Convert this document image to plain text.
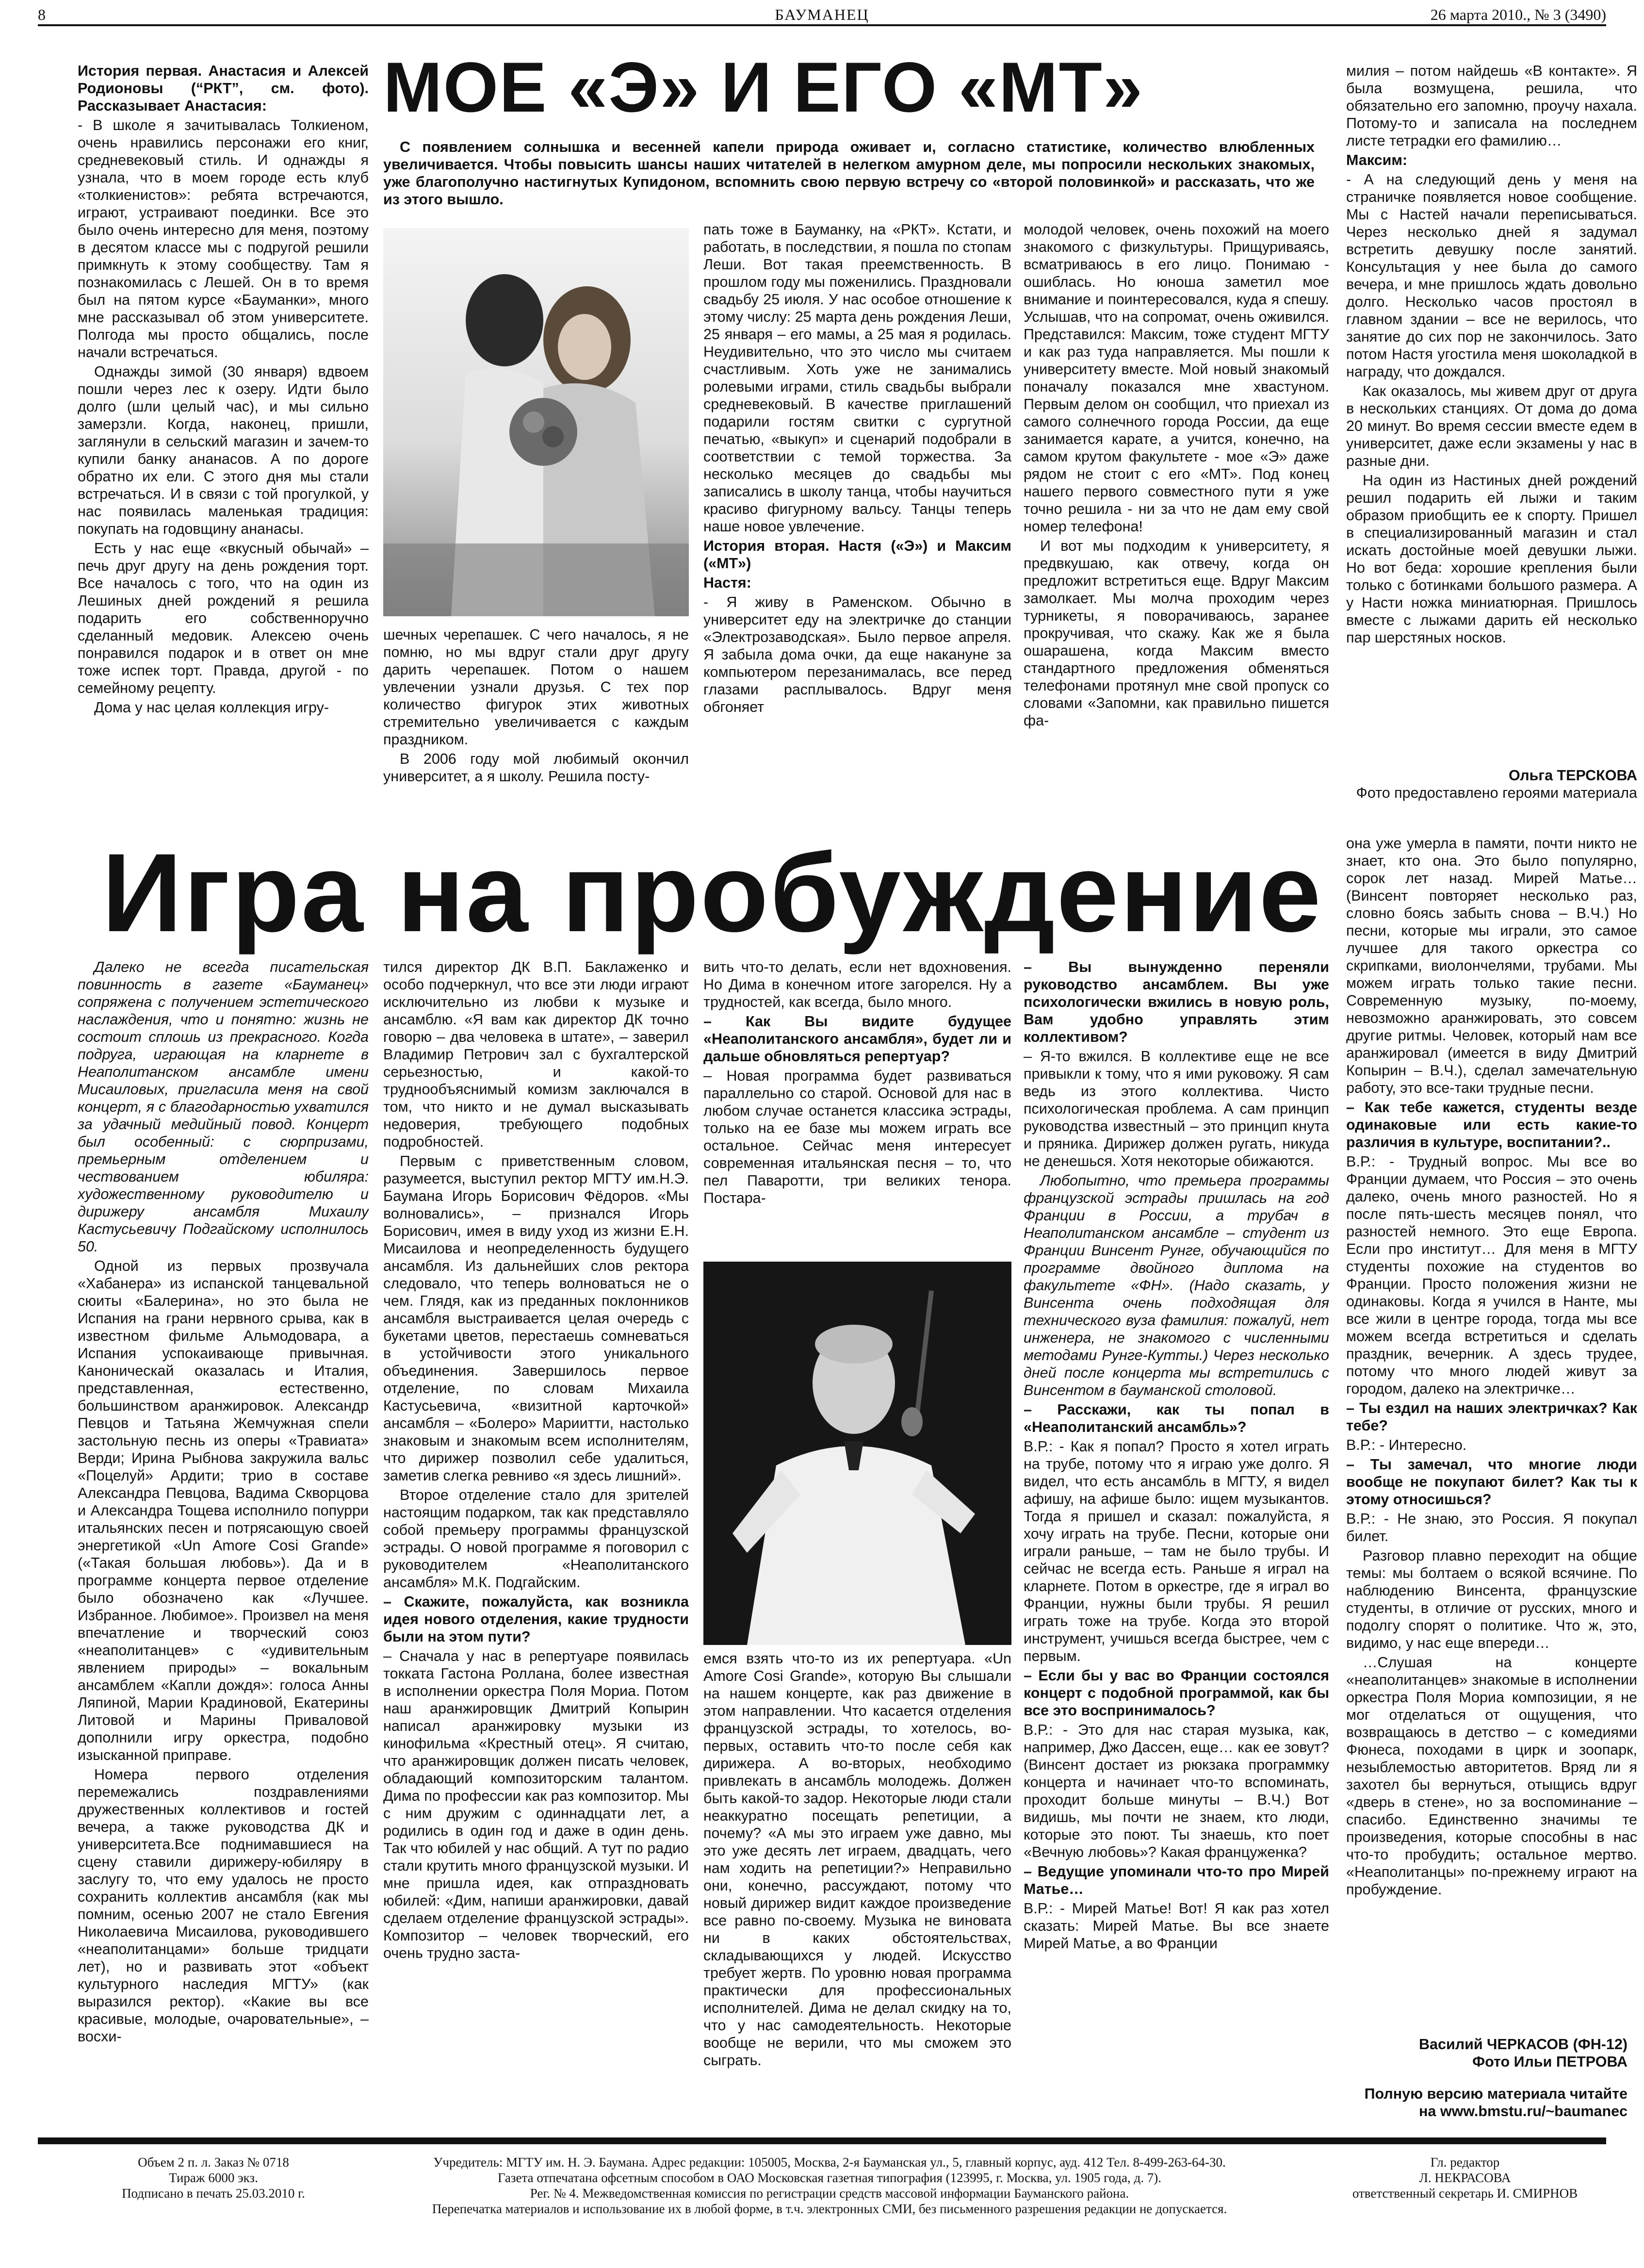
8	БАУМАНЕЦ	26 марта 2010., № 3 (3490)
МОЕ «Э» И ЕГО «МТ»
С появлением солнышка и весенней капели природа оживает и, согласно статистике, количество влюбленных увеличивается. Чтобы повысить шансы наших читателей в нелегком амурном деле, мы попросили нескольких знакомых, уже благополучно настигнутых Купидоном, вспомнить свою первую встречу со «второй половинкой» и рассказать, что же из этого вышло.

История первая. Анастасия и Алексей Родионовы (“РКТ”, см. фото). Рассказывает Анастасия:

- В школе я зачитывалась Толкиеном, очень нравились персонажи его книг, средневековый стиль. И однажды я узнала, что в моем городе есть клуб «толкиенистов»: ребята встречаются, играют, устраивают поединки. Все это было очень интересно для меня, поэтому в десятом классе мы с подругой решили примкнуть к этому сообществу. Там я познакомилась с Лешей. Он в то время был на пятом курсе «Бауманки», много мне рассказывал об этом университете. Полгода мы просто общались, после начали встречаться.

Однажды зимой (30 января) вдвоем пошли через лес к озеру. Идти было долго (шли целый час), и мы сильно замерзли. Когда, наконец, пришли, заглянули в сельский магазин и зачем-то купили банку ананасов. А по дороге обратно их ели. С этого дня мы стали встречаться. И в связи с той прогулкой, у нас появилась маленькая традиция: покупать на годовщину ананасы.

Есть у нас еще «вкусный обычай» – печь друг другу на день рождения торт. Все началось с того, что на один из Лешиных дней рождений я решила подарить его собственноручно сделанный медовик. Алексею очень понравился подарок и в ответ он мне тоже испек торт. Правда, другой - по семейному рецепту.

Дома у нас целая коллекция игру-

шечных черепашек. С чего началось, я не помню, но мы вдруг стали друг другу дарить черепашек. Потом о нашем увлечении узнали друзья. С тех пор количество фигурок этих животных стремительно увеличивается с каждым праздником.

В 2006 году мой любимый окончил университет, а я школу. Решила посту-

пать тоже в Бауманку, на «РКТ». Кстати, и работать, в последствии, я пошла по стопам Леши. Вот такая преемственность. В прошлом году мы поженились. Праздновали свадьбу 25 июля. У нас особое отношение к этому числу: 25 марта день рождения Леши, 25 января – его мамы, а 25 мая я родилась. Неудивительно, что это число мы считаем счастливым. Хоть уже не занимались ролевыми играми, стиль свадьбы выбрали средневековый. В качестве приглашений подарили гостям свитки с сургутной печатью, «выкуп» и сценарий подобрали в соответствии с темой торжества. За несколько месяцев до свадьбы мы записались в школу танца, чтобы научиться красиво фигурному вальсу. Танцы теперь наше новое увлечение.

История вторая. Настя («Э») и Максим («МТ»)

Настя:

- Я живу в Раменском. Обычно в университет еду на электричке до станции «Электрозаводская». Было первое апреля. Я забыла дома очки, да еще накануне за компьютером перезанималась, все перед глазами расплывалось. Вдруг меня обгоняет

молодой человек, очень похожий на моего знакомого с физкультуры. Прищуриваясь, всматриваюсь в его лицо. Понимаю - ошиблась. Но юноша заметил мое внимание и поинтересовался, куда я спешу. Услышав, что на сопромат, очень оживился. Представился: Максим, тоже студент МГТУ и как раз туда направляется. Мы пошли к университету вместе. Мой новый знакомый поначалу показался мне хвастуном. Первым делом он сообщил, что приехал из самого солнечного города России, да еще занимается карате, а учится, конечно, на самом крутом факультете - мое «Э» даже рядом не стоит с его «МТ». Под конец нашего первого совместного пути я уже точно решила - ни за что не дам ему свой номер телефона!

И вот мы подходим к университету, я предвкушаю, как отвечу, когда он предложит встретиться еще. Вдруг Максим замолкает. Мы молча проходим через турникеты, я поворачиваюсь, заранее прокручивая, что скажу. Как же я была ошарашена, когда Максим вместо стандартного предложения обменяться телефонами протянул мне свой пропуск со словами «Запомни, как правильно пишется фа-

милия – потом найдешь «В контакте». Я была возмущена, решила, что обязательно его запомню, проучу нахала. Потому-то и записала на последнем листе тетрадки его фамилию…

Максим:

- А на следующий день у меня на страничке появляется новое сообщение. Мы с Настей начали переписываться. Через несколько дней я задумал встретить девушку после занятий. Консультация у нее была до самого вечера, и мне пришлось ждать довольно долго. Несколько часов простоял в главном здании – все не верилось, что занятие до сих пор не закончилось. Зато потом Настя угостила меня шоколадкой в награду, что дождался.

Как оказалось, мы живем друг от друга в нескольких станциях. От дома до дома 20 минут. Во время сессии вместе едем в университет, даже если экзамены у нас в разные дни.

На один из Настиных дней рождений решил подарить ей лыжи и таким образом приобщить ее к спорту. Пришел в специализированный магазин и стал искать достойные моей девушки лыжи. Но вот беда: хорошие крепления были только с ботинками большого размера. А у Насти ножка миниатюрная. Пришлось вместе с лыжами дарить ей несколько пар шерстяных носков.

Ольга ТЕРСКОВА
Фото предоставлено героями материала
Игра на пробуждение

Далеко не всегда писательская повинность в газете «Бауманец» сопряжена с получением эстетического наслаждения, что и понятно: жизнь не состоит сплошь из прекрасного. Когда подруга, играющая на кларнете в Неаполитанском ансамбле имени Мисаиловых, пригласила меня на свой концерт, я с благодарностью ухватился за удачный медийный повод. Концерт был особенный: с сюрпризами, премьерным отделением и чествованием юбиляра: художественному руководителю и дирижеру ансамбля Михаилу Кастусьевичу Подгайскому исполнилось 50.

Одной из первых прозвучала «Хабанера» из испанской танцевальной сюиты «Балерина», но это была не Испания на грани нервного срыва, как в известном фильме Альмодовара, а Испания успокаивающе привычная. Каноническай оказалась и Италия, представленная, естественно, большинством аранжировок. Александр Певцов и Татьяна Жемчужная спели застольную песнь из оперы «Травиата» Верди; Ирина Рыбнова закружила вальс «Поцелуй» Ардити; трио в составе Александра Певцова, Вадима Скворцова и Александра Тощева исполнило попурри итальянских песен и потрясающую своей энергетикой «Un Amore Cosi Grande» («Такая большая любовь»). Да и в программе концерта первое отделение было обозначено как «Лучшее. Избранное. Любимое». Произвел на меня впечатление и творческий союз «неаполитанцев» с «удивительным явлением природы» – вокальным ансамблем «Капли дождя»: голоса Анны Ляпиной, Марии Крадиновой, Екатерины Литовой и Марины Приваловой дополнили игру оркестра, подобно изысканной приправе.

Номера первого отделения перемежались поздравлениями дружественных коллективов и гостей вечера, а также руководства ДК и университета.Все поднимавшиеся на сцену ставили дирижеру-юбиляру в заслугу то, что ему удалось не просто сохранить коллектив ансамбля (как мы помним, осенью 2007 не стало Евгения Николаевича Мисаилова, руководившего «неаполитанцами» больше тридцати лет), но и развивать этот «объект культурного наследия МГТУ» (как выразился ректор). «Какие вы все красивые, молодые, очаровательные», – восхи-

тился директор ДК В.П. Баклаженко и особо подчеркнул, что все эти люди играют исключительно из любви к музыке и ансамблю. «Я вам как директор ДК точно говорю – два человека в штате», – заверил Владимир Петрович зал с бухгалтерской серьезностью, и какой-то труднообъяснимый комизм заключался в том, что никто и не думал высказывать недоверия, требующего подобных подробностей.

Первым с приветственным словом, разумеется, выступил ректор МГТУ им.Н.Э. Баумана Игорь Борисович Фёдоров. «Мы волновались», – признался Игорь Борисович, имея в виду уход из жизни Е.Н. Мисаилова и неопределенность будущего ансамбля. Из дальнейших слов ректора следовало, что теперь волноваться не о чем. Глядя, как из преданных поклонников ансамбля выстраивается целая очередь с букетами цветов, перестаешь сомневаться в устойчивости этого уникального объединения. Завершилось первое отделение, по словам Михаила Кастусьевича, «визитной карточкой» ансамбля – «Болеро» Мариитти, настолько знаковым и знакомым всем исполнителям, что дирижер позволил себе удалиться, заметив слегка ревниво «я здесь лишний».

Второе отделение стало для зрителей настоящим подарком, так как представляло собой премьеру программы французской эстрады. О новой программе я поговорил с руководителем «Неаполитанского ансамбля» М.К. Подгайским.

– Скажите, пожалуйста, как возникла идея нового отделения, какие трудности были на этом пути?

– Сначала у нас в репертуаре появилась токката Гастона Роллана, более известная в исполнении оркестра Поля Мориа. Потом наш аранжировщик Дмитрий Копырин написал аранжировку музыки из кинофильма «Крестный отец». Я считаю, что аранжировщик должен писать человек, обладающий композиторским талантом. Дима по профессии как раз композитор. Мы с ним дружим с одиннадцати лет, а родились в один год и даже в один день. Так что юбилей у нас общий. А тут по радио стали крутить много французской музыки. И мне пришла идея, как отпраздновать юбилей: «Дим, напиши аранжировки, давай сделаем отделение французской эстрады». Композитор – человек творческий, его очень трудно заста-

вить что-то делать, если нет вдохновения. Но Дима в конечном итоге загорелся. Ну а трудностей, как всегда, было много.

– Как Вы видите будущее «Неаполитанского ансамбля», будет ли и дальше обновляться репертуар?

– Новая программа будет развиваться параллельно со старой. Основой для нас в любом случае останется классика эстрады, только на ее базе мы можем играть все остальное. Сейчас меня интересует современная итальянская песня – то, что пел Паваротти, три великих тенора. Постара-

емся взять что-то из их репертуара. «Un Amore Cosi Grande», которую Вы слышали на нашем концерте, как раз движение в этом направлении. Что касается отделения французской эстрады, то хотелось, во-первых, оставить что-то после себя как дирижера. А во-вторых, необходимо привлекать в ансамбль молодежь. Должен быть какой-то задор. Некоторые люди стали неаккуратно посещать репетиции, а почему? «А мы это играем уже давно, мы это уже десять лет играем, двадцать, чего нам ходить на репетиции?» Неправильно они, конечно, рассуждают, потому что новый дирижер видит каждое произведение все равно по-своему. Музыка не виновата ни в каких обстоятельствах, складывающихся у людей. Искусство требует жертв. По уровню новая программа практически для профессиональных исполнителей. Дима не делал скидку на то, что у нас самодеятельность. Некоторые вообще не верили, что мы сможем это сыграть.

– Вы вынужденно переняли руководство ансамблем. Вы уже психологически вжились в новую роль, Вам удобно управлять этим коллективом?

– Я-то вжился. В коллективе еще не все привыкли к тому, что я ими руковожу. Я сам ведь из этого коллектива. Чисто психологическая проблема. А сам принцип руководства известный – это принцип кнута и пряника. Дирижер должен ругать, никуда не денешься. Хотя некоторые обижаются.

Любопытно, что премьера программы французской эстрады пришлась на год Франции в России, а трубач в Неаполитанском ансамбле – студент из Франции Винсент Рунге, обучающийся по программе двойного диплома на факультете «ФН». (Надо сказать, у Винсента очень подходящая для технического вуза фамилия: пожалуй, нет инженера, не знакомого с численными методами Рунге-Кутты.) Через несколько дней после концерта мы встретились с Винсентом в бауманской столовой.

– Расскажи, как ты попал в «Неаполитанский ансамбль»?

В.Р.: - Как я попал? Просто я хотел играть на трубе, потому что я играю уже долго. Я видел, что есть ансамбль в МГТУ, я видел афишу, на афише было: ищем музыкантов. Тогда я пришел и сказал: пожалуйста, я хочу играть на трубе. Песни, которые они играли раньше, – там не было трубы. И сейчас не всегда есть. Раньше я играл на кларнете. Потом в оркестре, где я играл во Франции, нужны были трубы. Я решил играть тоже на трубе. Когда это второй инструмент, учишься всегда быстрее, чем с первым.

– Если бы у вас во Франции состоялся концерт с подобной программой, как бы все это воспринималось?

В.Р.: - Это для нас старая музыка, как, например, Джо Дассен, еще… как ее зовут? (Винсент достает из рюкзака программку концерта и начинает что-то вспоминать, проходит больше минуты – В.Ч.) Вот видишь, мы почти не знаем, кто люди, которые это поют. Ты знаешь, кто поет «Вечную любовь»? Какая француженка?

– Ведущие упоминали что-то про Мирей Матье…

В.Р.: - Мирей Матье! Вот! Я как раз хотел сказать: Мирей Матье. Вы все знаете Мирей Матье, а во Франции

она уже умерла в памяти, почти никто не знает, кто она. Это было популярно, сорок лет назад. Мирей Матье… (Винсент повторяет несколько раз, словно боясь забыть снова – В.Ч.) Но песни, которые мы играли, это самое лучшее для такого оркестра со скрипками, виолончелями, трубами. Мы можем играть только такие песни. Современную музыку, по-моему, невозможно аранжировать, это совсем другие ритмы. Человек, который нам все аранжировал (имеется в виду Дмитрий Копырин – В.Ч.), сделал замечательную работу, это все-таки трудные песни.

– Как тебе кажется, студенты везде одинаковые или есть какие-то различия в культуре, воспитании?..

В.Р.: - Трудный вопрос. Мы все во Франции думаем, что Россия – это очень далеко, очень много разностей. Но я после пять-шесть месяцев понял, что разностей немного. Это еще Европа. Если про институт… Для меня в МГТУ студенты похожие на студентов во Франции. Просто положения жизни не одинаковы. Когда я учился в Нанте, мы все жили в центре города, тогда мы все можем всегда встретиться и сделать праздник, вечерник. А здесь трудее, потому что много людей живут за городом, далеко на электричке…

– Ты ездил на наших электричках? Как тебе?

В.Р.: - Интересно.

– Ты замечал, что многие люди вообще не покупают билет? Как ты к этому относишься?

В.Р.: - Не знаю, это Россия. Я покупал билет.

Разговор плавно переходит на общие темы: мы болтаем о всякой всячине. По наблюдению Винсента, французские студенты, в отличие от русских, много и подолгу спорят о политике. Что ж, это, видимо, у нас еще впереди…

…Слушая на концерте «неаполитанцев» знакомые в исполнении оркестра Поля Мориа композиции, я не мог отделаться от ощущения, что возвращаюсь в детство – с комедиями Фюнеса, походами в цирк и зоопарк, незыблемостью авторитетов. Вряд ли я захотел бы вернуться, отыщись вдруг «дверь в стене», но за воспоминание – спасибо. Единственно значимы те произведения, которые способны в нас что-то пробудить; остальное мертво. «Неаполитанцы» по-прежнему играют на пробуждение.

Василий ЧЕРКАСОВ (ФН-12)
Фото Ильи ПЕТРОВА
Полную версию материала читайте на www.bmstu.ru/~baumanec
Объем 2 п. л. Заказ № 0718
Тираж 6000 экз.
Подписано в печать 25.03.2010 г.
Учредитель: МГТУ им. Н. Э. Баумана. Адрес редакции: 105005, Москва, 2-я Бауманская ул., 5, главный корпус, ауд. 412 Тел. 8-499-263-64-30.
Газета отпечатана офсетным способом в ОАО Московская газетная типография (123995, г. Москва, ул. 1905 года, д. 7).
Рег. № 4. Межведомственная комиссия по регистрации средств массовой информации Бауманского района.
Перепечатка материалов и использование их в любой форме, в т.ч. электронных СМИ, без письменного разрешения редакции не допускается.
Гл. редактор
Л. НЕКРАСОВА
ответственный секретарь И. СМИРНОВ
